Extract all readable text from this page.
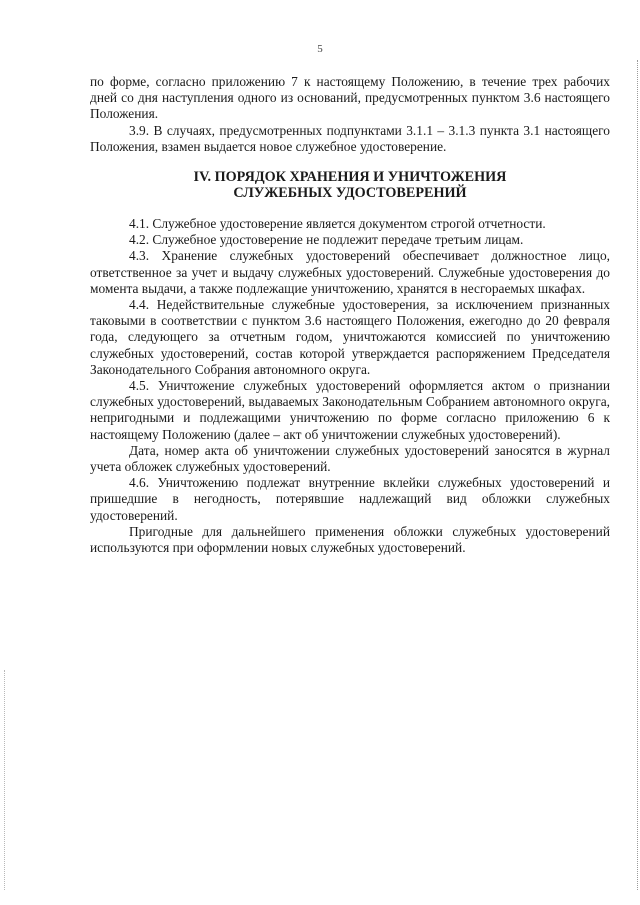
5

по форме, согласно приложению 7 к настоящему Положению, в течение трех рабочих дней со дня наступления одного из оснований, предусмотренных пунктом 3.6 настоящего Положения.

3.9. В случаях, предусмотренных подпунктами 3.1.1 – 3.1.3 пункта 3.1 настоящего Положения, взамен выдается новое служебное удостоверение.

IV. ПОРЯДОК ХРАНЕНИЯ И УНИЧТОЖЕНИЯ
СЛУЖЕБНЫХ УДОСТОВЕРЕНИЙ

4.1. Служебное удостоверение является документом строгой отчетности.

4.2. Служебное удостоверение не подлежит передаче третьим лицам.

4.3. Хранение служебных удостоверений обеспечивает должностное лицо, ответственное за учет и выдачу служебных удостоверений. Служебные удостоверения до момента выдачи, а также подлежащие уничтожению, хранятся в несгораемых шкафах.

4.4. Недействительные служебные удостоверения, за исключением признанных таковыми в соответствии с пунктом 3.6 настоящего Положения, ежегодно до 20 февраля года, следующего за отчетным годом, уничтожаются комиссией по уничтожению служебных удостоверений, состав которой утверждается распоряжением Председателя Законодательного Собрания автономного округа.

4.5. Уничтожение служебных удостоверений оформляется актом о признании служебных удостоверений, выдаваемых Законодательным Собранием автономного округа, непригодными и подлежащими уничтожению по форме согласно приложению 6 к настоящему Положению (далее – акт об уничтожении служебных удостоверений).

Дата, номер акта об уничтожении служебных удостоверений заносятся в журнал учета обложек служебных удостоверений.

4.6. Уничтожению подлежат внутренние вклейки служебных удостоверений и пришедшие в негодность, потерявшие надлежащий вид обложки служебных удостоверений.

Пригодные для дальнейшего применения обложки служебных удостоверений используются при оформлении новых служебных удостоверений.
